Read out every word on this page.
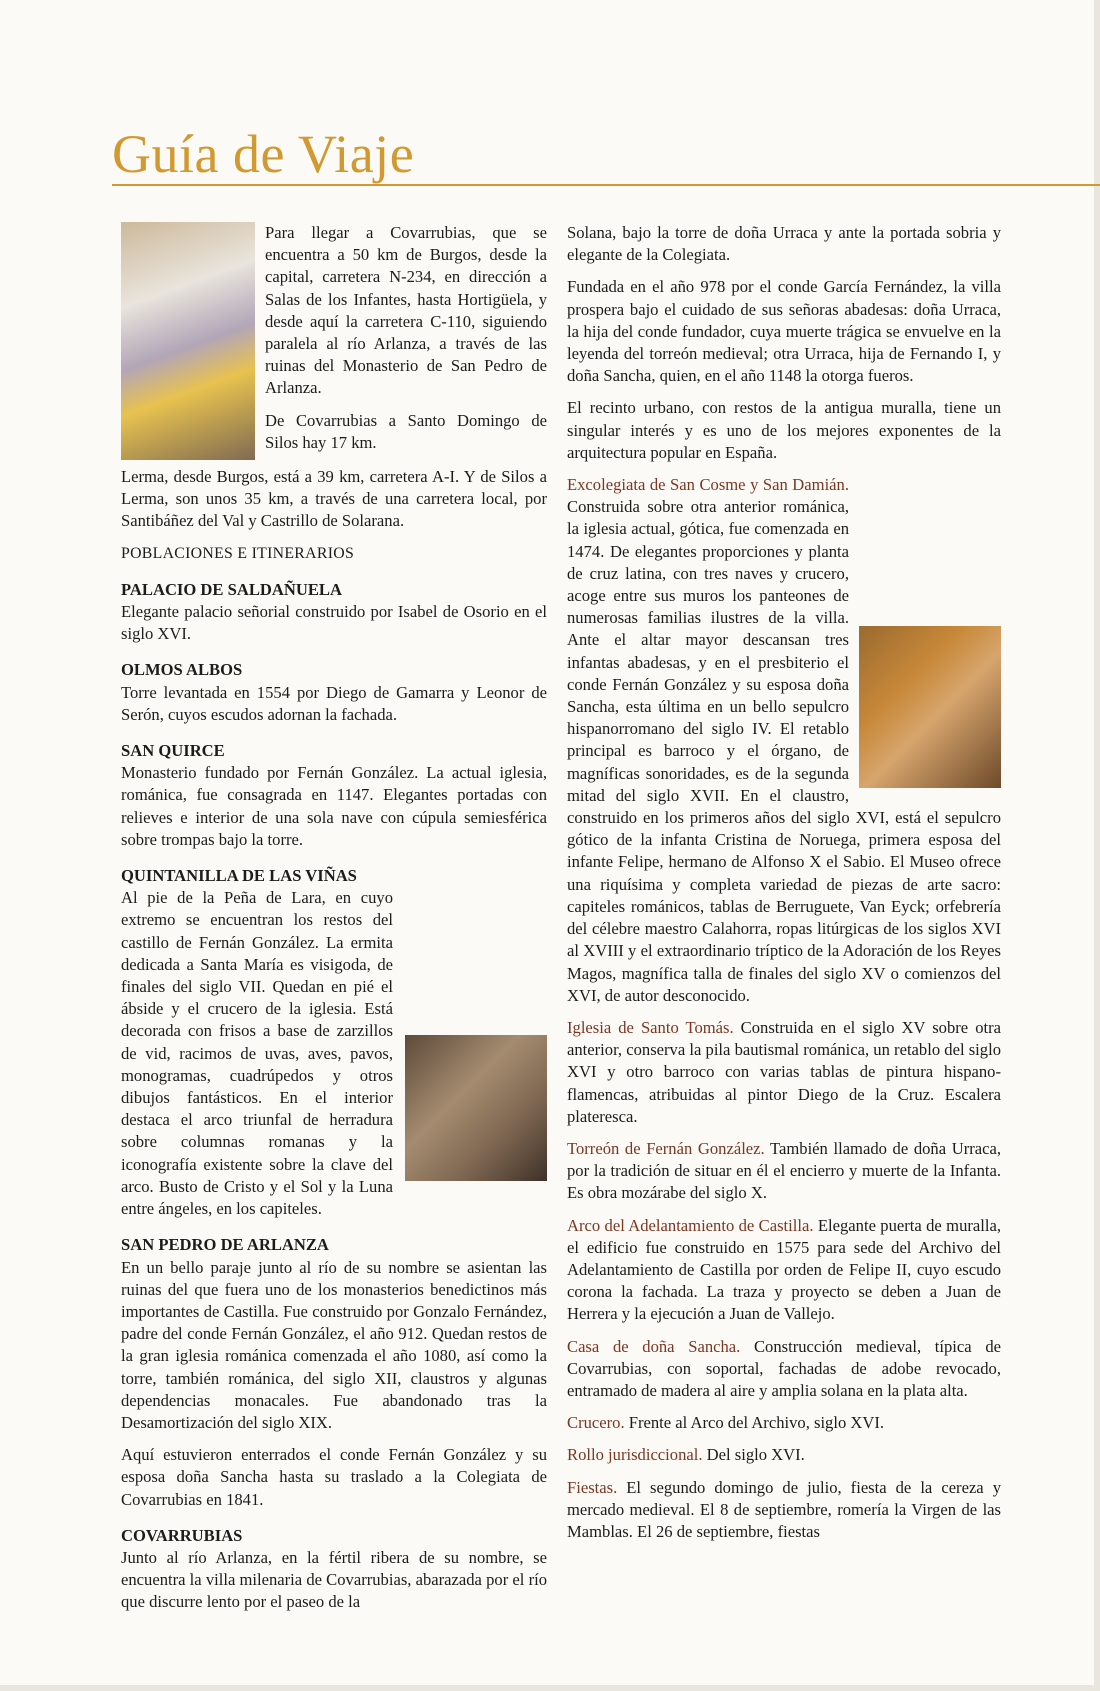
Guía de Viaje

Para llegar a Covarrubias, que se encuentra a 50 km de Burgos, desde la capital, carretera N-234, en dirección a Salas de los Infantes, hasta Hortigüela, y desde aquí la carretera C-110, siguiendo paralela al río Arlanza, a través de las ruinas del Monasterio de San Pedro de Arlanza.

De Covarrubias a Santo Domingo de Silos hay 17 km.

Lerma, desde Burgos, está a 39 km, carretera A-I. Y de Silos a Lerma, son unos 35 km, a través de una carretera local, por Santibáñez del Val y Castrillo de Solarana.

POBLACIONES E ITINERARIOS
PALACIO DE SALDAÑUELA

Elegante palacio señorial construido por Isabel de Osorio en el siglo XVI.

OLMOS ALBOS

Torre levantada en 1554 por Diego de Gamarra y Leonor de Serón, cuyos escudos adornan la fachada.

SAN QUIRCE

Monasterio fundado por Fernán González. La actual iglesia, románica, fue consagrada en 1147. Elegantes portadas con relieves e interior de una sola nave con cúpula semiesférica sobre trompas bajo la torre.

QUINTANILLA DE LAS VIÑAS

Al pie de la Peña de Lara, en cuyo extremo se encuentran los restos del castillo de Fernán González. La ermita dedicada a Santa María es visigoda, de finales del siglo VII. Quedan en pié el ábside y el crucero de la iglesia. Está decorada con frisos a base de zarzillos de vid, racimos de uvas, aves, pavos, monogramas, cuadrúpedos y otros dibujos fantásticos. En el interior destaca el arco triunfal de herradura sobre columnas romanas y la iconografía existente sobre la clave del arco. Busto de Cristo y el Sol y la Luna entre ángeles, en los capiteles.

SAN PEDRO DE ARLANZA

En un bello paraje junto al río de su nombre se asientan las ruinas del que fuera uno de los monasterios benedictinos más importantes de Castilla. Fue construido por Gonzalo Fernández, padre del conde Fernán González, el año 912. Quedan restos de la gran iglesia románica comenzada el año 1080, así como la torre, también románica, del siglo XII, claustros y algunas dependencias monacales. Fue abandonado tras la Desamortización del siglo XIX.

Aquí estuvieron enterrados el conde Fernán González y su esposa doña Sancha hasta su traslado a la Colegiata de Covarrubias en 1841.

COVARRUBIAS

Junto al río Arlanza, en la fértil ribera de su nombre, se encuentra la villa milenaria de Covarrubias, abarazada por el río que discurre lento por el paseo de la

Solana, bajo la torre de doña Urraca y ante la portada sobria y elegante de la Colegiata.

Fundada en el año 978 por el conde García Fernández, la villa prospera bajo el cuidado de sus señoras abadesas: doña Urraca, la hija del conde fundador, cuya muerte trágica se envuelve en la leyenda del torreón medieval; otra Urraca, hija de Fernando I, y doña Sancha, quien, en el año 1148 la otorga fueros.

El recinto urbano, con restos de la antigua muralla, tiene un singular interés y es uno de los mejores exponentes de la arquitectura popular en España.

Excolegiata de San Cosme y San Damián. Construida sobre otra anterior románica, la iglesia actual, gótica, fue comenzada en 1474. De elegantes proporciones y planta de cruz latina, con tres naves y crucero, acoge entre sus muros los panteones de numerosas familias ilustres de la villa. Ante el altar mayor descansan tres infantas abadesas, y en el presbiterio el conde Fernán González y su esposa doña Sancha, esta última en un bello sepulcro hispanorromano del siglo IV. El retablo principal es barroco y el órgano, de magníficas sonoridades, es de la segunda mitad del siglo XVII. En el claustro, construido en los primeros años del siglo XVI, está el sepulcro gótico de la infanta Cristina de Noruega, primera esposa del infante Felipe, hermano de Alfonso X el Sabio. El Museo ofrece una riquísima y completa variedad de piezas de arte sacro: capiteles románicos, tablas de Berruguete, Van Eyck; orfebrería del célebre maestro Calahorra, ropas litúrgicas de los siglos XVI al XVIII y el extraordinario tríptico de la Adoración de los Reyes Magos, magnífica talla de finales del siglo XV o comienzos del XVI, de autor desconocido.

Iglesia de Santo Tomás. Construida en el siglo XV sobre otra anterior, conserva la pila bautismal románica, un retablo del siglo XVI y otro barroco con varias tablas de pintura hispano-flamencas, atribuidas al pintor Diego de la Cruz. Escalera plateresca.

Torreón de Fernán González. También llamado de doña Urraca, por la tradición de situar en él el encierro y muerte de la Infanta. Es obra mozárabe del siglo X.

Arco del Adelantamiento de Castilla. Elegante puerta de muralla, el edificio fue construido en 1575 para sede del Archivo del Adelantamiento de Castilla por orden de Felipe II, cuyo escudo corona la fachada. La traza y proyecto se deben a Juan de Herrera y la ejecución a Juan de Vallejo.

Casa de doña Sancha. Construcción medieval, típica de Covarrubias, con soportal, fachadas de adobe revocado, entramado de madera al aire y amplia solana en la plata alta.

Crucero. Frente al Arco del Archivo, siglo XVI.

Rollo jurisdiccional. Del siglo XVI.

Fiestas. El segundo domingo de julio, fiesta de la cereza y mercado medieval. El 8 de septiembre, romería la Virgen de las Mamblas. El 26 de septiembre, fiestas
